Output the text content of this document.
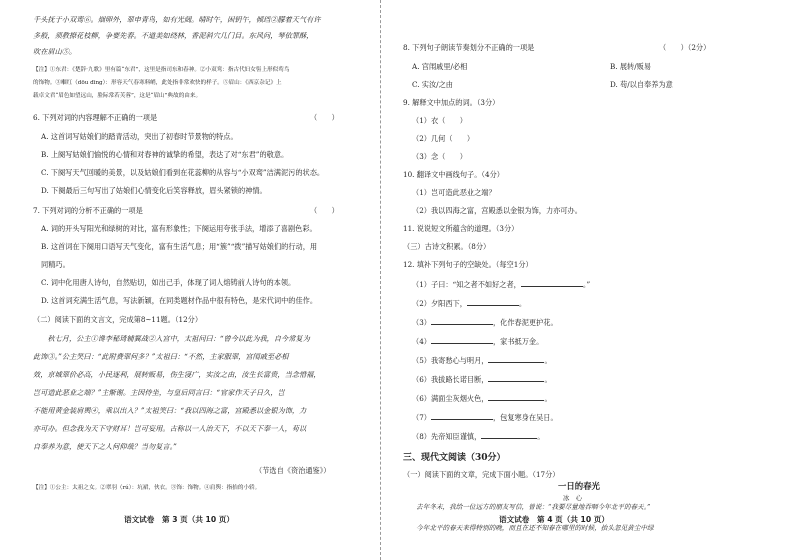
千头抚于小双鸾⑥。烟卵外，翠申青鸟，如有光阔。晴时午，困钥午，倾珰②朦着天气有许
多般，须教撩花枝柳，争要先春。不道美如绕林，香泥斜穴几门目。东风问，琴依罪酥，
吹在眉山⑤。
【注】①东君：《楚辞·九歌》里有篇“东君”，这里是指司东和春神。②小双鸾：指古代妇女髻上形似鸾鸟
的饰物。③嗰红（dōu dīng）：形容天气春寒料峭，此处指非常欢快的样子。⑤眉山：《西京杂记》上
载卓文君“眉色如望远山，脸际常若芙蓉”，这是“眉山”典故的由来。
6. 下列对词的内容理解不正确的一项是	（　　）
A. 这首词写姑娘们的踏青活动，突出了初春时节景物的特点。
B. 上阕写姑娘们愉悦的心情和对春神的诚挚的希望，表达了对“东君”的敬意。
C. 下阕写天气回暖的美景，以及姑娘们看到在花蕊柳的从容与“小双鸾”洁满泥污的状态。
D. 下阕最后三句写出了姑娘们心情变化后笑容释放，眉头紧锁的神情。
7. 下列对词的分析不正确的一项是	（　　）
A. 词的开头写阳光和绿树的对比，富有形象性；下阕运用夸张手法，增添了喜剧色彩。
B. 这首词在下阕用口语写天气变化，富有生活气息；用“簇”“拨”描写姑娘们的行动，用
同精巧。
C. 词中化用唐人诗句，自然贴切，如出己手，体现了词人熔铸前人诗句的本领。
D. 这首词充满生活气息，写法新颖，在同类题材作品中很有特色，是宋代词中的佳作。
（二）阅读下面的文言文，完成第8~11题。（12分）
　　秋七月，公主①谗李秘琦辅翼战②入宫中，太祖问曰：“曾今以此为我，自今常复为
此饰③。”公主笑曰：“此附费翠何多？”太祖曰：“不然，主家服翠，宫闱戚至必相
效，京城翠价必高，小民逐利，展转贩易，伤生寖广，实汝之由，汝生长富贵，当念惜福，
岂可造此恶业之端？”主惭谢。主因侍坐，与皇后同言曰：“官家作天子日久，岂
不能用黄金装肩舆④，乘以出入？”太祖笑曰：“我以四海之富，宫殿悉以金银为饰，力
亦可办。但念我为天下守财耳！岂可妄用。古称以一人治天下，不以天下奉一人，苟以
自奉养为意，使天下之人何仰哉？当勿复言。”
（节选自《资治通鉴》）
【注】①公主：太祖之女。②翠羽（rú）：坑裙，伙衣。③饰：饰物。④肩舆：指抬的小轿。
语文试卷　第 3 页（共 10 页）
8. 下列句子朗读节奏划分不正确的一项是	（　　）（2分）
A. 宫闱戚里/必相	B. 展转/贩易
C. 实汝/之由	D. 苟/以自奉养为意
9. 解释文中加点的词。（3分）
（1）衣（　　）
（2）几何（　　）
（3）念（　　）
10. 翻译文中画线句子。（4分）
（1）岂可造此恶业之端？
（2）我以四海之富，宫殿悉以金银为饰，力亦可办。
11. 说说短文所蕴含的道理。（3分）
（三）古诗文积累。（8分）
12. 填补下列句子的空缺处。（每空1分）
（1）子曰：“知之者不如好之者，	。”
（2）夕阳西下，	。
（3）	，化作春泥更护花。
（4）	，家书抵万金。
（5）我寄愁心与明月，	。
（6）我拔路长诺目断，	。
（6）满面尘灰烟火色，	。
（7）	，包复寒身在吴日。
（8）先帝知臣谨慎，	。
三、现代文阅读（30分）
（一）阅读下面的文章，完成下面小题。（17分）
一日的春光
冰　心
　　去年冬末，我给一位远方的朋友写信，曾说：“我要尽量地吞咽今年北平的春天。”
语文试卷　第 4 页（共 10 页）
　　今年北平的春天来得特别的晚，而且在还不知春在哪里的时候，抬头忽见黄尘中绿
